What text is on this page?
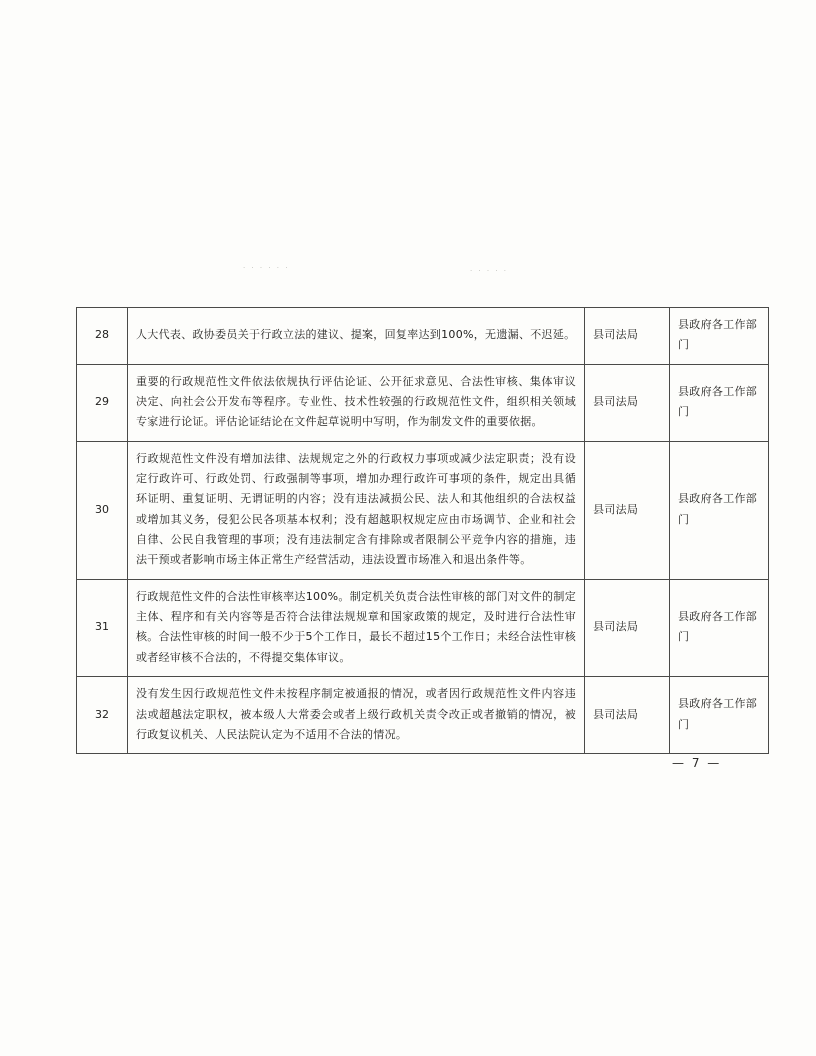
. . . . . .	. . . . .
28	人大代表、政协委员关于行政立法的建议、提案，回复率达到100%，无遗漏、不迟延。	县司法局	县政府各工作部门
29	重要的行政规范性文件依法依规执行评估论证、公开征求意见、合法性审核、集体审议决定、向社会公开发布等程序。专业性、技术性较强的行政规范性文件，组织相关领域专家进行论证。评估论证结论在文件起草说明中写明，作为制发文件的重要依据。	县司法局	县政府各工作部门
30	行政规范性文件没有增加法律、法规规定之外的行政权力事项或减少法定职责；没有设定行政许可、行政处罚、行政强制等事项，增加办理行政许可事项的条件，规定出具循环证明、重复证明、无谓证明的内容；没有违法减损公民、法人和其他组织的合法权益或增加其义务，侵犯公民各项基本权利；没有超越职权规定应由市场调节、企业和社会自律、公民自我管理的事项；没有违法制定含有排除或者限制公平竞争内容的措施，违法干预或者影响市场主体正常生产经营活动，违法设置市场准入和退出条件等。	县司法局	县政府各工作部门
31	行政规范性文件的合法性审核率达100%。制定机关负责合法性审核的部门对文件的制定主体、程序和有关内容等是否符合法律法规规章和国家政策的规定，及时进行合法性审核。合法性审核的时间一般不少于5个工作日，最长不超过15个工作日；未经合法性审核或者经审核不合法的，不得提交集体审议。	县司法局	县政府各工作部门
32	没有发生因行政规范性文件未按程序制定被通报的情况，或者因行政规范性文件内容违法或超越法定职权，被本级人大常委会或者上级行政机关责令改正或者撤销的情况，被行政复议机关、人民法院认定为不适用不合法的情况。	县司法局	县政府各工作部门
— 7 —
